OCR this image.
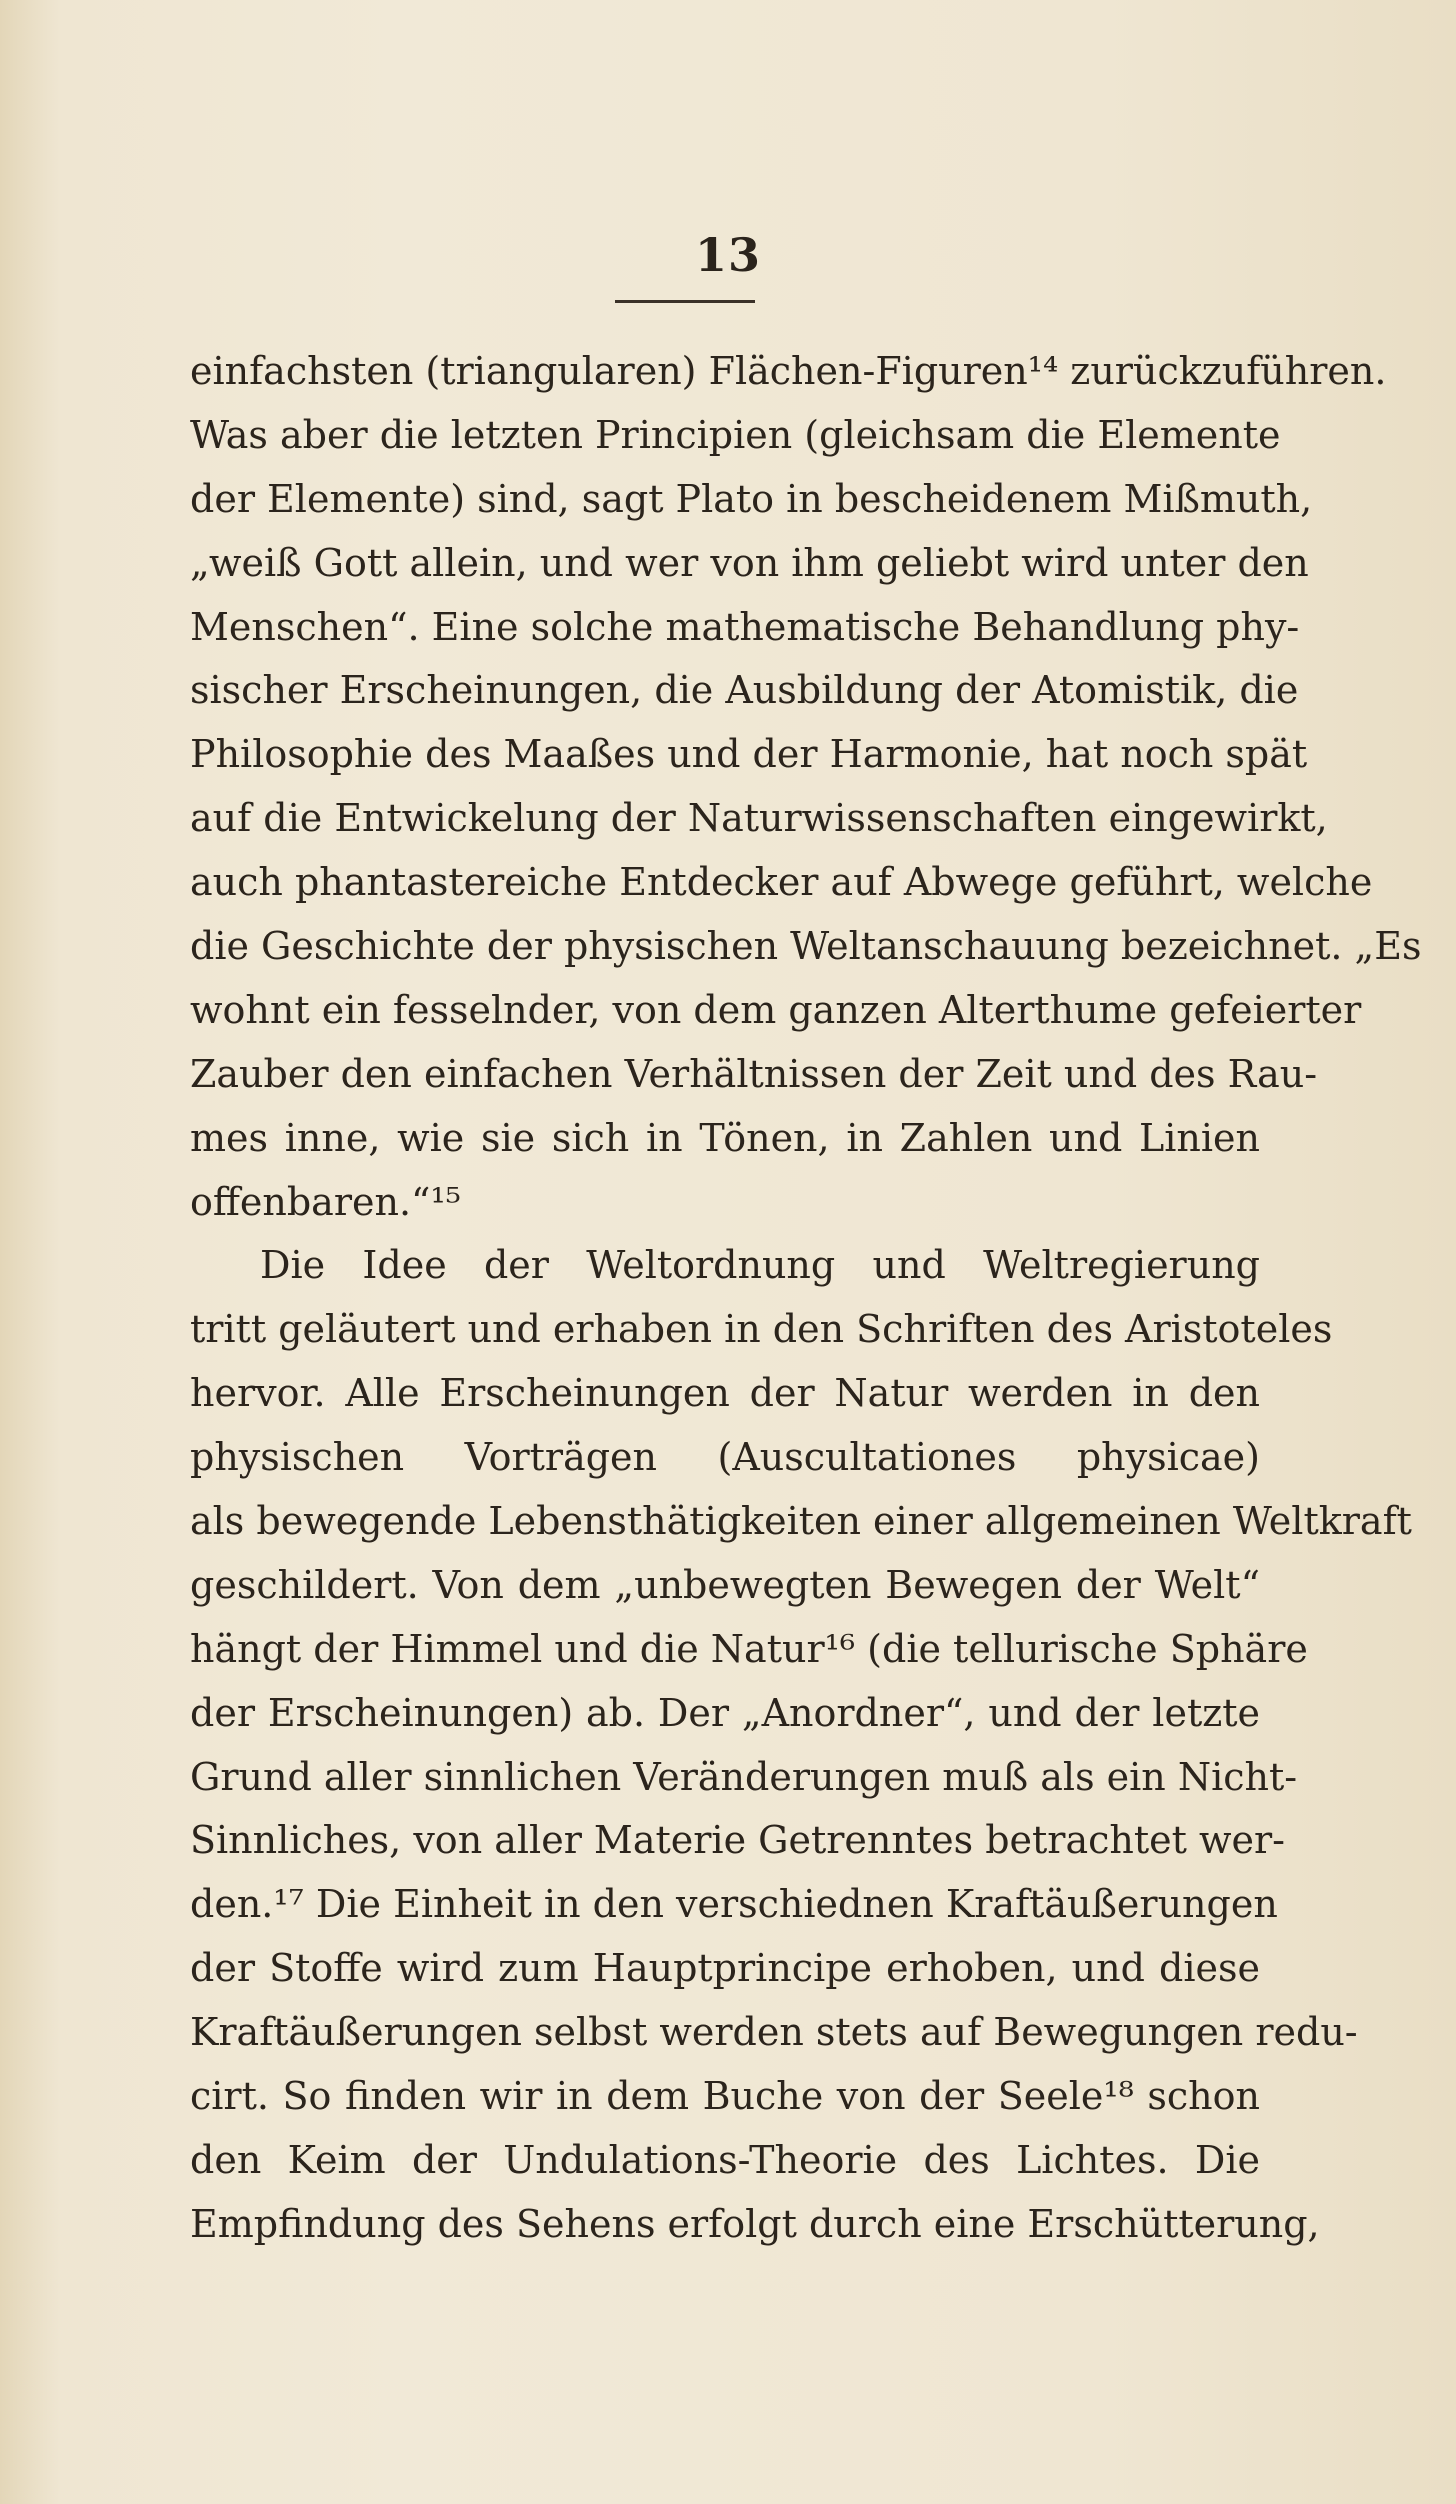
13
einfachsten (triangularen) Flächen-Figuren¹⁴ zurückzuführen.
Was aber die letzten Principien (gleichsam die Elemente
der Elemente) sind, sagt Plato in bescheidenem Mißmuth,
„weiß Gott allein, und wer von ihm geliebt wird unter den
Menschen“. Eine solche mathematische Behandlung phy-
sischer Erscheinungen, die Ausbildung der Atomistik, die
Philosophie des Maaßes und der Harmonie, hat noch spät
auf die Entwickelung der Naturwissenschaften eingewirkt,
auch phantastereiche Entdecker auf Abwege geführt, welche
die Geschichte der physischen Weltanschauung bezeichnet. „Es
wohnt ein fesselnder, von dem ganzen Alterthume gefeierter
Zauber den einfachen Verhältnissen der Zeit und des Rau-
mes inne, wie sie sich in Tönen, in Zahlen und Linien
offenbaren.“¹⁵
Die Idee der Weltordnung und Weltregierung
tritt geläutert und erhaben in den Schriften des Aristoteles
hervor. Alle Erscheinungen der Natur werden in den
physischen Vorträgen (Auscultationes physicae)
als bewegende Lebensthätigkeiten einer allgemeinen Weltkraft
geschildert. Von dem „unbewegten Bewegen der Welt“
hängt der Himmel und die Natur¹⁶ (die tellurische Sphäre
der Erscheinungen) ab. Der „Anordner“, und der letzte
Grund aller sinnlichen Veränderungen muß als ein Nicht-
Sinnliches, von aller Materie Getrenntes betrachtet wer-
den.¹⁷ Die Einheit in den verschiednen Kraftäußerungen
der Stoffe wird zum Hauptprincipe erhoben, und diese
Kraftäußerungen selbst werden stets auf Bewegungen redu-
cirt. So finden wir in dem Buche von der Seele¹⁸ schon
den Keim der Undulations-Theorie des Lichtes. Die
Empfindung des Sehens erfolgt durch eine Erschütterung,
